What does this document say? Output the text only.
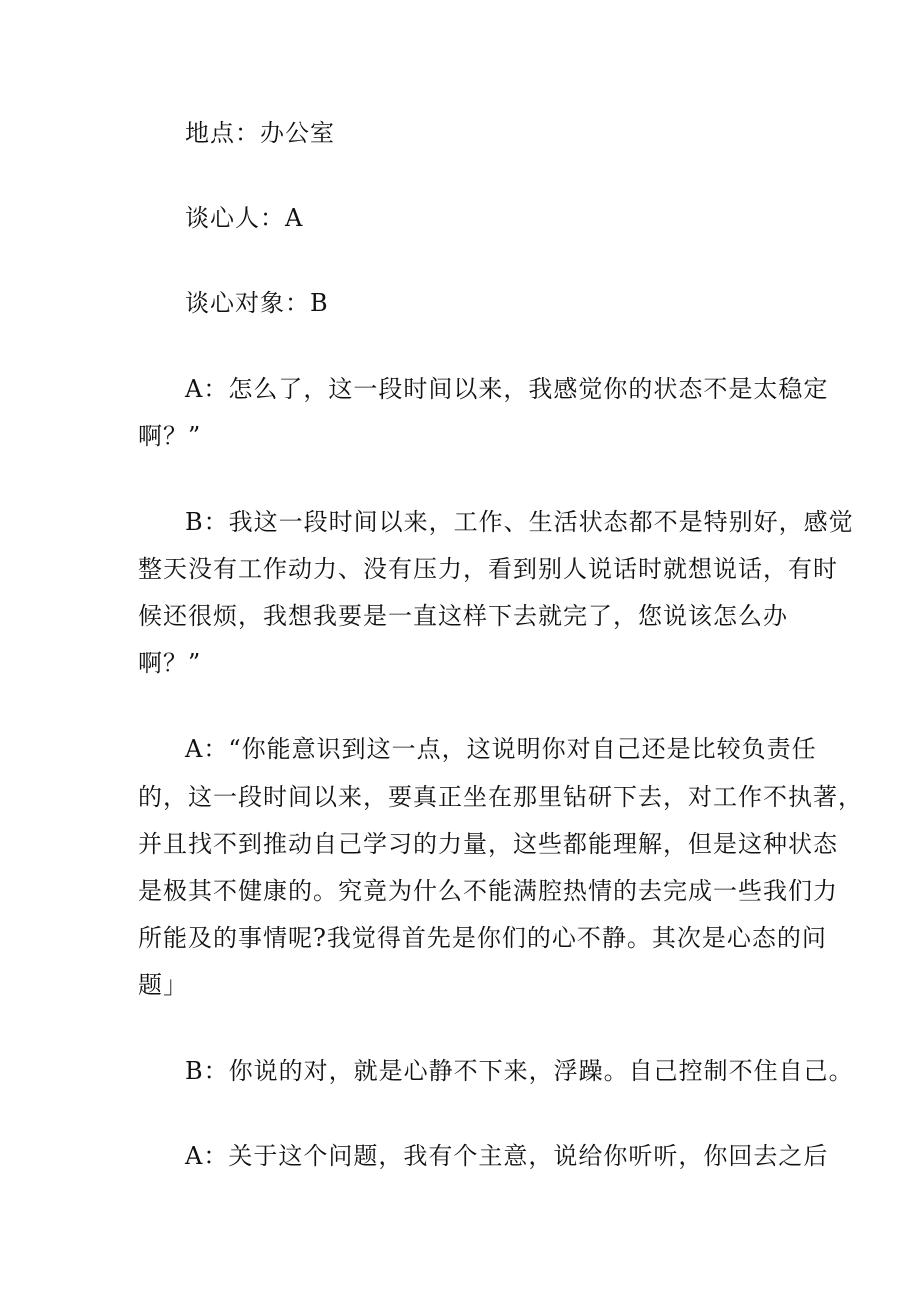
地点：办公室
谈心人：A
谈心对象：B
A：怎么了，这一段时间以来，我感觉你的状态不是太稳定
啊？”
B：我这一段时间以来，工作、生活状态都不是特别好，感觉
整天没有工作动力、没有压力，看到别人说话时就想说话，有时
候还很烦，我想我要是一直这样下去就完了，您说该怎么办
啊？”
A：“你能意识到这一点，这说明你对自己还是比较负责任
的，这一段时间以来，要真正坐在那里钻研下去，对工作不执著，
并且找不到推动自己学习的力量，这些都能理解，但是这种状态
是极其不健康的。究竟为什么不能满腔热情的去完成一些我们力
所能及的事情呢?我觉得首先是你们的心不静。其次是心态的问
题」
B：你说的对，就是心静不下来，浮躁。自己控制不住自己。
A：关于这个问题，我有个主意，说给你听听，你回去之后
